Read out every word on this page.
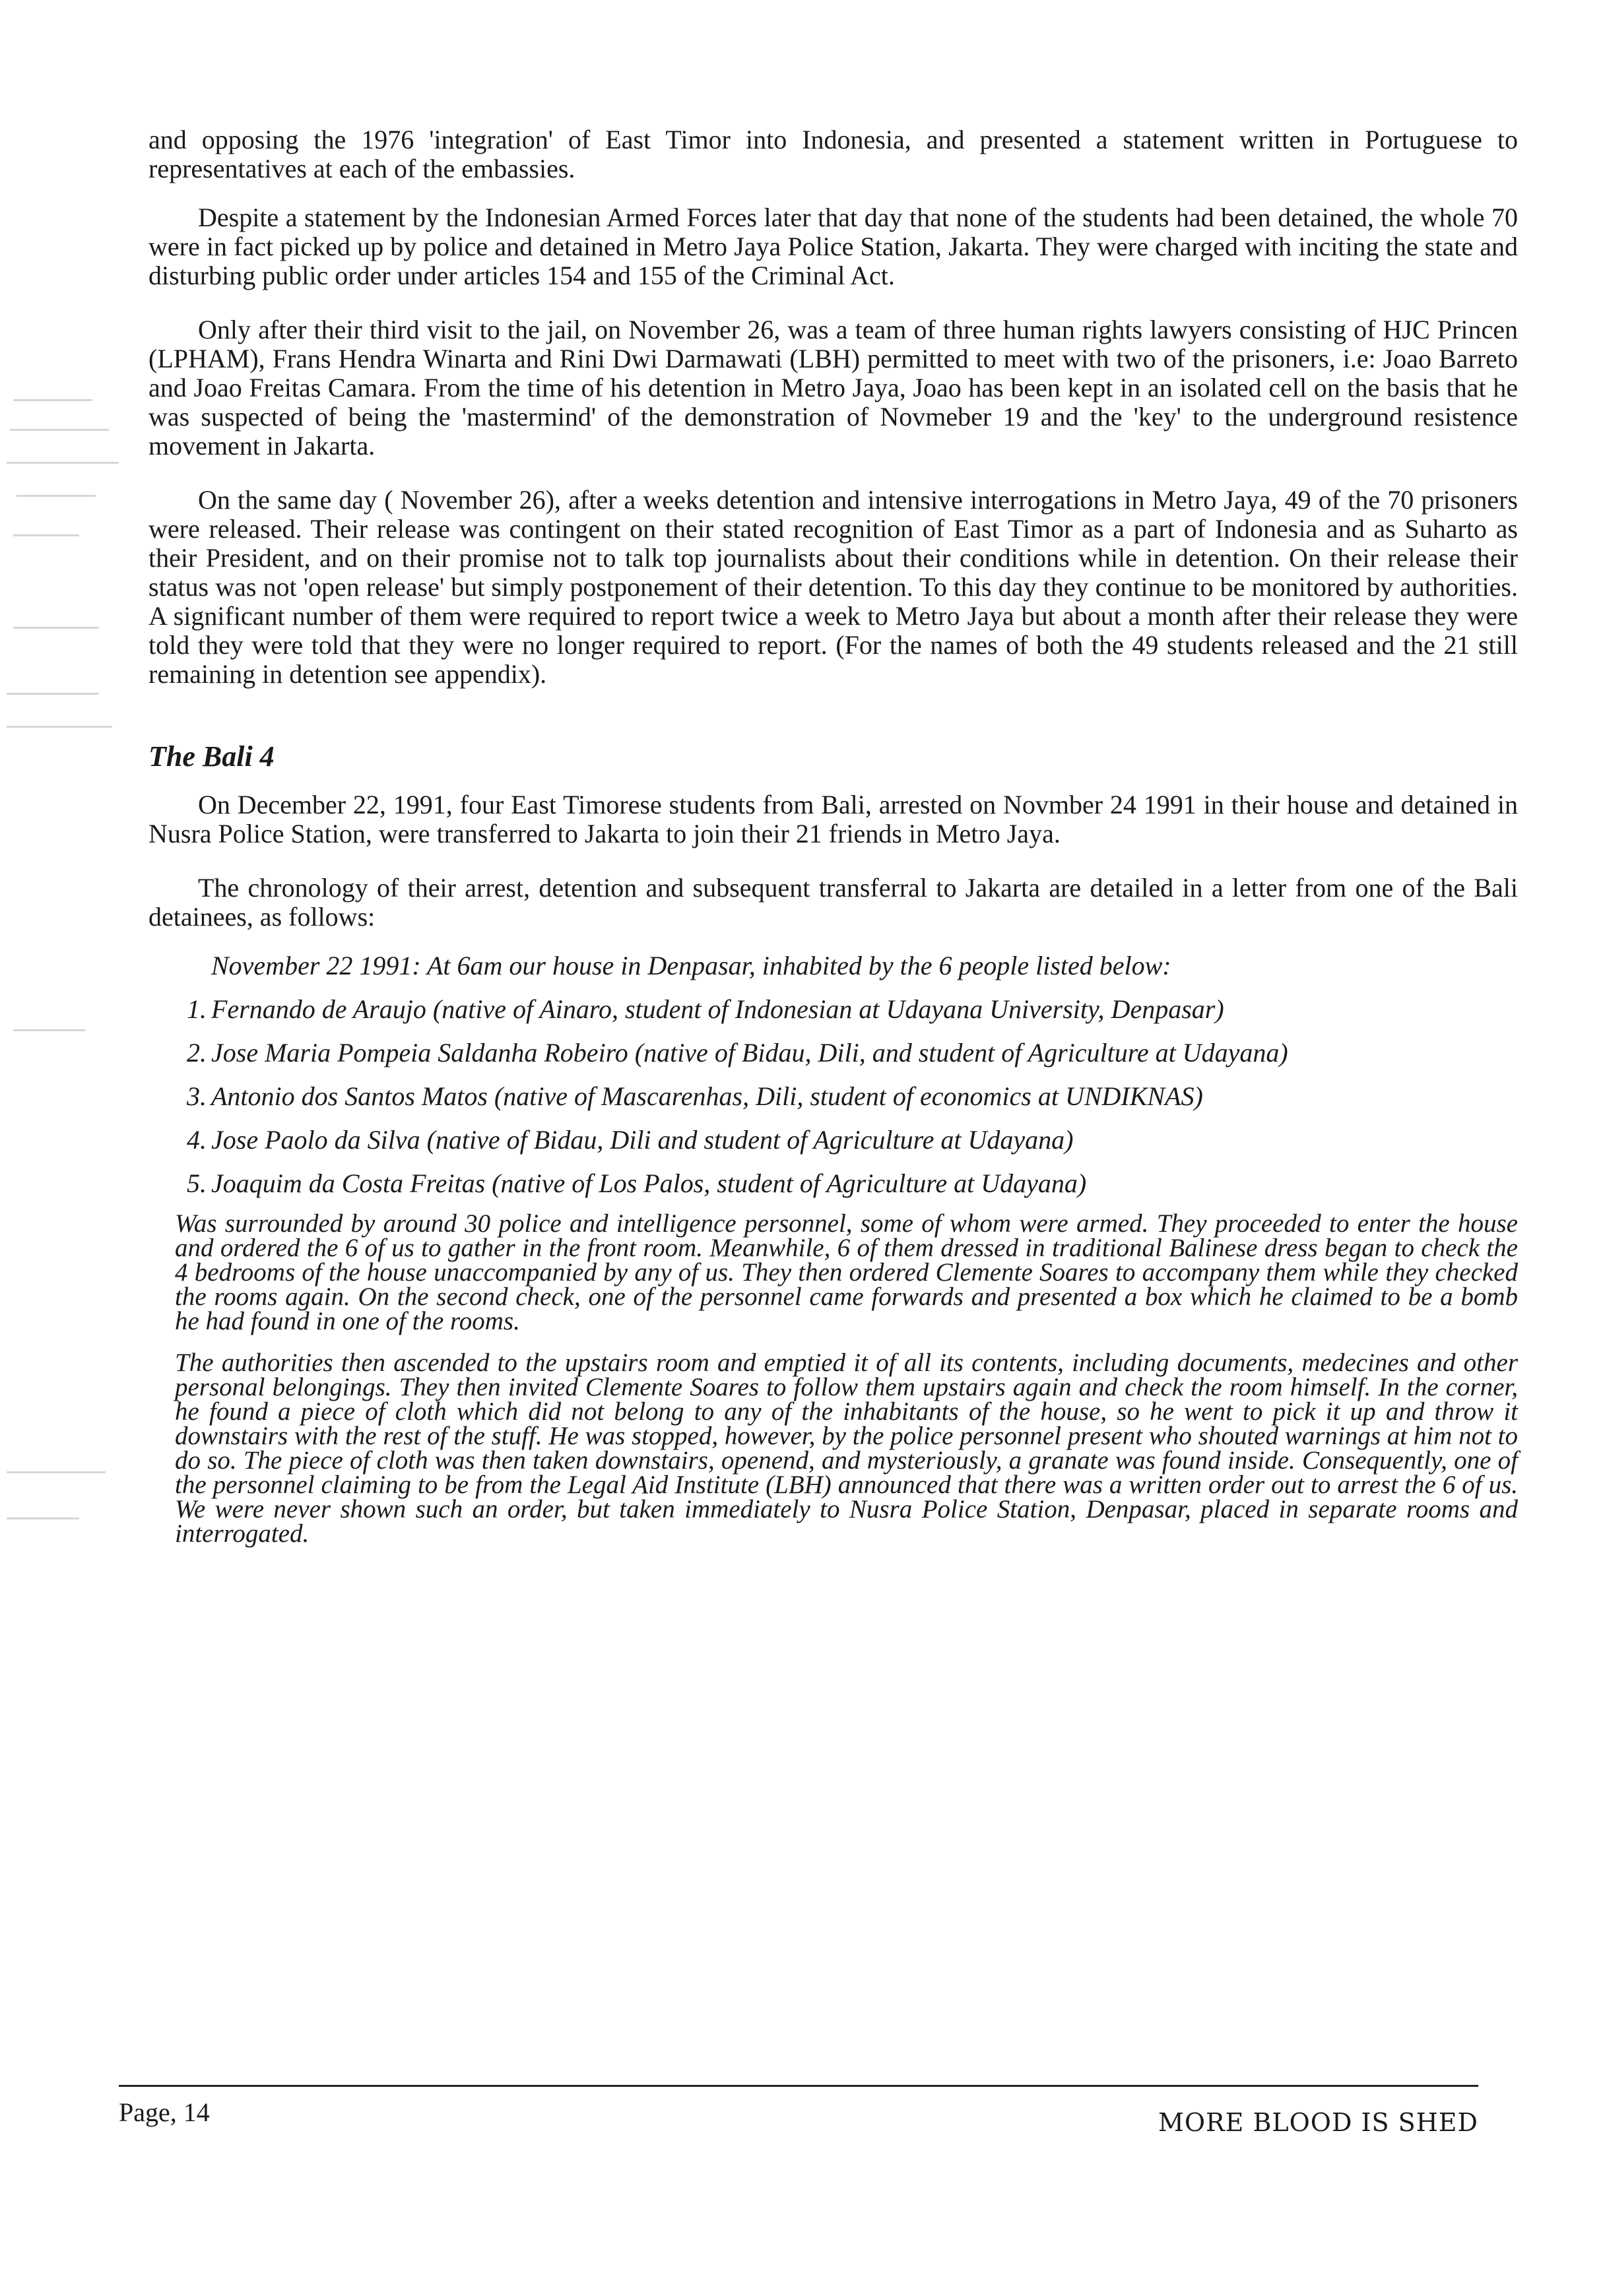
and opposing the 1976 'integration' of East Timor into Indonesia, and presented a statement written in Portuguese to representatives at each of the embassies.

Despite a statement by the Indonesian Armed Forces later that day that none of the students had been detained, the whole 70 were in fact picked up by police and detained in Metro Jaya Police Station, Jakarta. They were charged with inciting the state and disturbing public order under articles 154 and 155 of the Criminal Act.

Only after their third visit to the jail, on November 26, was a team of three human rights lawyers consisting of HJC Princen (LPHAM), Frans Hendra Winarta and Rini Dwi Darmawati (LBH) permitted to meet with two of the prisoners, i.e: Joao Barreto and Joao Freitas Camara. From the time of his detention in Metro Jaya, Joao has been kept in an isolated cell on the basis that he was suspected of being the 'mastermind' of the demonstration of Novmeber 19 and the 'key' to the underground resistence movement in Jakarta.

On the same day ( November 26), after a weeks detention and intensive interrogations in Metro Jaya, 49 of the 70 prisoners were released. Their release was contingent on their stated recognition of East Timor as a part of Indonesia and as Suharto as their President, and on their promise not to talk top journalists about their conditions while in detention. On their release their status was not 'open release' but simply postponement of their detention. To this day they continue to be monitored by authorities. A significant number of them were required to report twice a week to Metro Jaya but about a month after their release they were told they were told that they were no longer required to report. (For the names of both the 49 students released and the 21 still remaining in detention see appendix).

The Bali 4

On December 22, 1991, four East Timorese students from Bali, arrested on Novmber 24 1991 in their house and detained in Nusra Police Station, were transferred to Jakarta to join their 21 friends in Metro Jaya.

The chronology of their arrest, detention and subsequent transferral to Jakarta are detailed in a letter from one of the Bali detainees, as follows:

November 22 1991: At 6am our house in Denpasar, inhabited by the 6 people listed below:
1. Fernando de Araujo (native of Ainaro, student of Indonesian at Udayana University, Denpasar)
2. Jose Maria Pompeia Saldanha Robeiro (native of Bidau, Dili, and student of Agriculture at Udayana)
3. Antonio dos Santos Matos (native of Mascarenhas, Dili, student of economics at UNDIKNAS)
4. Jose Paolo da Silva (native of Bidau, Dili and student of Agriculture at Udayana)
5. Joaquim da Costa Freitas (native of Los Palos, student of Agriculture at Udayana)

Was surrounded by around 30 police and intelligence personnel, some of whom were armed. They proceeded to enter the house and ordered the 6 of us to gather in the front room. Meanwhile, 6 of them dressed in traditional Balinese dress began to check the 4 bedrooms of the house unaccompanied by any of us. They then ordered Clemente Soares to accompany them while they checked the rooms again. On the second check, one of the personnel came forwards and presented a box which he claimed to be a bomb he had found in one of the rooms.

The authorities then ascended to the upstairs room and emptied it of all its contents, including documents, medecines and other personal belongings. They then invited Clemente Soares to follow them upstairs again and check the room himself. In the corner, he found a piece of cloth which did not belong to any of the inhabitants of the house, so he went to pick it up and throw it downstairs with the rest of the stuff. He was stopped, however, by the police personnel present who shouted warnings at him not to do so. The piece of cloth was then taken downstairs, openend, and mysteriously, a granate was found inside. Consequently, one of the personnel claiming to be from the Legal Aid Institute (LBH) announced that there was a written order out to arrest the 6 of us. We were never shown such an order, but taken immediately to Nusra Police Station, Denpasar, placed in separate rooms and interrogated.

Page, 14	MORE BLOOD IS SHED
